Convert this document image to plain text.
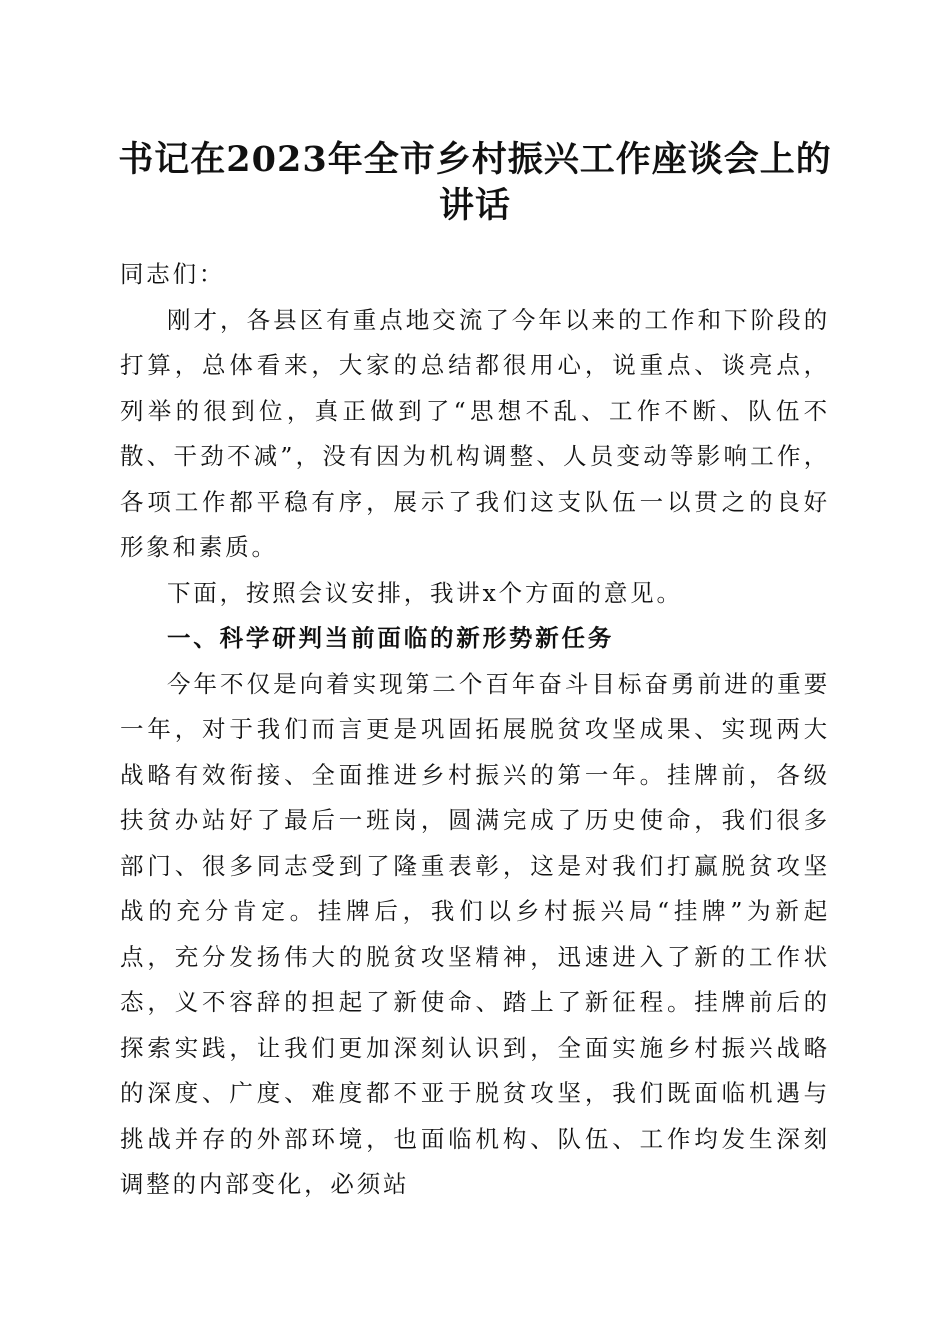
书记在2023年全市乡村振兴工作座谈会上的
讲话

同志们：

刚才，各县区有重点地交流了今年以来的工作和下阶段的打算，总体看来，大家的总结都很用心，说重点、谈亮点，列举的很到位，真正做到了“思想不乱、工作不断、队伍不散、干劲不减”，没有因为机构调整、人员变动等影响工作，各项工作都平稳有序，展示了我们这支队伍一以贯之的良好形象和素质。

下面，按照会议安排，我讲x个方面的意见。

一、科学研判当前面临的新形势新任务

今年不仅是向着实现第二个百年奋斗目标奋勇前进的重要一年，对于我们而言更是巩固拓展脱贫攻坚成果、实现两大战略有效衔接、全面推进乡村振兴的第一年。挂牌前，各级扶贫办站好了最后一班岗，圆满完成了历史使命，我们很多部门、很多同志受到了隆重表彰，这是对我们打赢脱贫攻坚战的充分肯定。挂牌后，我们以乡村振兴局“挂牌”为新起点，充分发扬伟大的脱贫攻坚精神，迅速进入了新的工作状态，义不容辞的担起了新使命、踏上了新征程。挂牌前后的探索实践，让我们更加深刻认识到，全面实施乡村振兴战略的深度、广度、难度都不亚于脱贫攻坚，我们既面临机遇与挑战并存的外部环境，也面临机构、队伍、工作均发生深刻调整的内部变化，必须站
